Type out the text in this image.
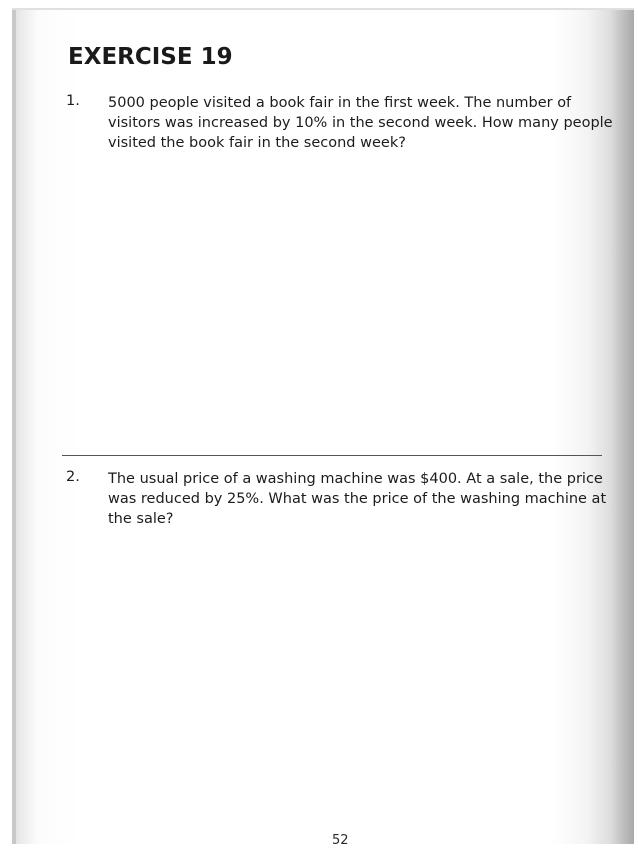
EXERCISE 19
1. 5000 people visited a book fair in the first week. The number of
visitors was increased by 10% in the second week. How many people
visited the book fair in the second week?

2. The usual price of a washing machine was $400. At a sale, the price
was reduced by 25%. What was the price of the washing machine at
the sale?

52
